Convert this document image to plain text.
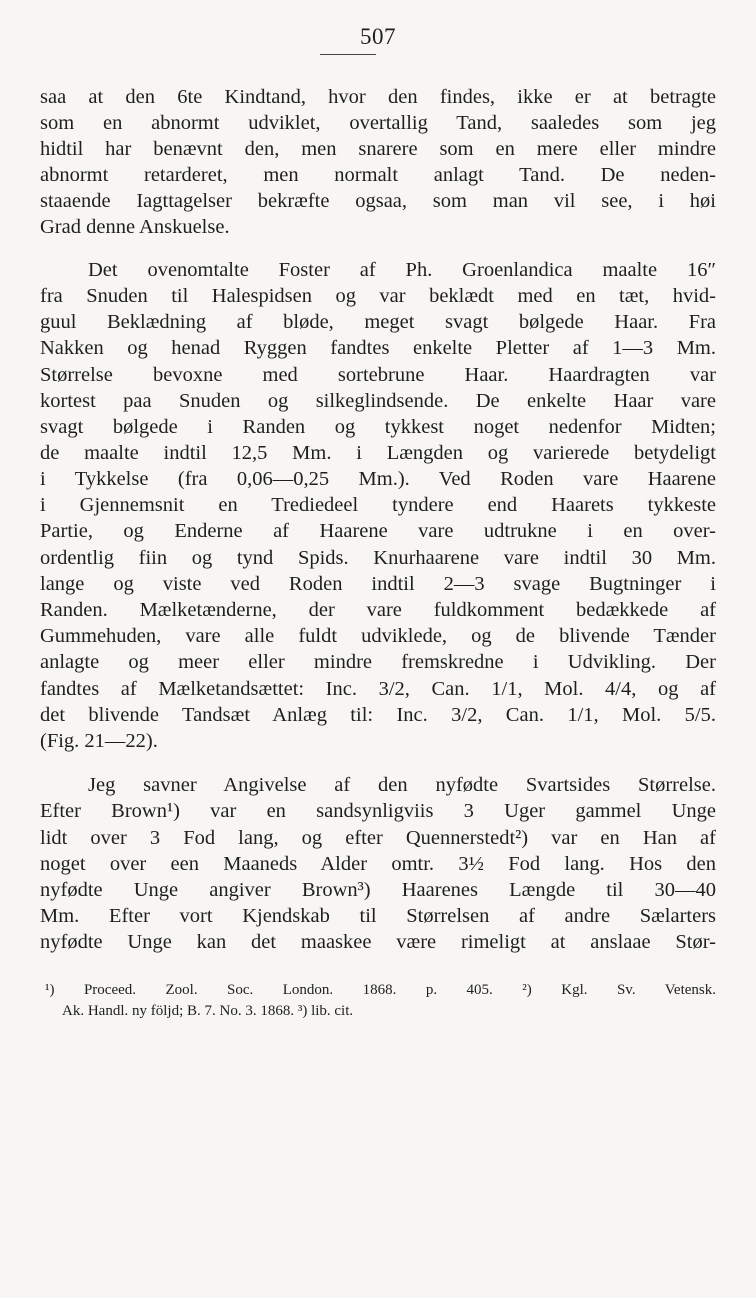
507
saa at den 6te Kindtand, hvor den findes, ikke er at betragte
som en abnormt udviklet, overtallig Tand, saaledes som jeg
hidtil har benævnt den, men snarere som en mere eller mindre
abnormt retarderet, men normalt anlagt Tand. De neden-
staaende Iagttagelser bekræfte ogsaa, som man vil see, i høi
Grad denne Anskuelse.
Det ovenomtalte Foster af Ph. Groenlandica maalte 16″
fra Snuden til Halespidsen og var beklædt med en tæt, hvid-
guul Beklædning af bløde, meget svagt bølgede Haar. Fra
Nakken og henad Ryggen fandtes enkelte Pletter af 1—3 Mm.
Størrelse bevoxne med sortebrune Haar. Haardragten var
kortest paa Snuden og silkeglindsende. De enkelte Haar vare
svagt bølgede i Randen og tykkest noget nedenfor Midten;
de maalte indtil 12,5 Mm. i Længden og varierede betydeligt
i Tykkelse (fra 0,06—0,25 Mm.). Ved Roden vare Haarene
i Gjennemsnit en Trediedeel tyndere end Haarets tykkeste
Partie, og Enderne af Haarene vare udtrukne i en over-
ordentlig fiin og tynd Spids. Knurhaarene vare indtil 30 Mm.
lange og viste ved Roden indtil 2—3 svage Bugtninger i
Randen. Mælketænderne, der vare fuldkomment bedækkede af
Gummehuden, vare alle fuldt udviklede, og de blivende Tænder
anlagte og meer eller mindre fremskredne i Udvikling. Der
fandtes af Mælketandsættet: Inc. 3/2, Can. 1/1, Mol. 4/4, og af
det blivende Tandsæt Anlæg til: Inc. 3/2, Can. 1/1, Mol. 5/5.
(Fig. 21—22).
Jeg savner Angivelse af den nyfødte Svartsides Størrelse.
Efter Brown¹) var en sandsynligviis 3 Uger gammel Unge
lidt over 3 Fod lang, og efter Quennerstedt²) var en Han af
noget over een Maaneds Alder omtr. 3½ Fod lang. Hos den
nyfødte Unge angiver Brown³) Haarenes Længde til 30—40
Mm. Efter vort Kjendskab til Størrelsen af andre Sælarters
nyfødte Unge kan det maaskee være rimeligt at anslaae Stør-
¹) Proceed. Zool. Soc. London. 1868. p. 405. ²) Kgl. Sv. Vetensk.
Ak. Handl. ny följd; B. 7. No. 3. 1868. ³) lib. cit.
